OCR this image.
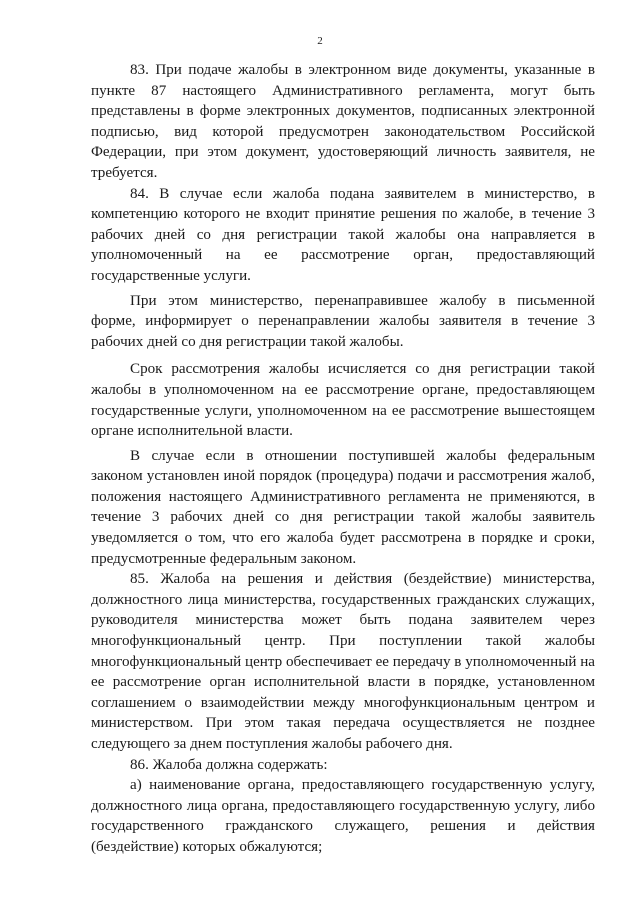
2

83. При подаче жалобы в электронном виде документы, указанные в пункте 87 настоящего Административного регламента, могут быть представлены в форме электронных документов, подписанных электронной подписью, вид которой предусмотрен законодательством Российской Федерации, при этом документ, удостоверяющий личность заявителя, не требуется.

84. В случае если жалоба подана заявителем в министерство, в компетенцию которого не входит принятие решения по жалобе, в течение 3 рабочих дней со дня регистрации такой жалобы она направляется в уполномоченный на ее рассмотрение орган, предоставляющий государственные услуги.

При этом министерство, перенаправившее жалобу в письменной форме, информирует о перенаправлении жалобы заявителя в течение 3 рабочих дней со дня регистрации такой жалобы.

Срок рассмотрения жалобы исчисляется со дня регистрации такой жалобы в уполномоченном на ее рассмотрение органе, предоставляющем государственные услуги, уполномоченном на ее рассмотрение вышестоящем органе исполнительной власти.

В случае если в отношении поступившей жалобы федеральным законом установлен иной порядок (процедура) подачи и рассмотрения жалоб, положения настоящего Административного регламента не применяются, в течение 3 рабочих дней со дня регистрации такой жалобы заявитель уведомляется о том, что его жалоба будет рассмотрена в порядке и сроки, предусмотренные федеральным законом.

85. Жалоба на решения и действия (бездействие) министерства, должностного лица министерства, государственных гражданских служащих, руководителя министерства может быть подана заявителем через многофункциональный центр. При поступлении такой жалобы многофункциональный центр обеспечивает ее передачу в уполномоченный на ее рассмотрение орган исполнительной власти в порядке, установленном соглашением о взаимодействии между многофункциональным центром и министерством. При этом такая передача осуществляется не позднее следующего за днем поступления жалобы рабочего дня.

86. Жалоба должна содержать:

а) наименование органа, предоставляющего государственную услугу, должностного лица органа, предоставляющего государственную услугу, либо государственного гражданского служащего, решения и действия (бездействие) которых обжалуются;
